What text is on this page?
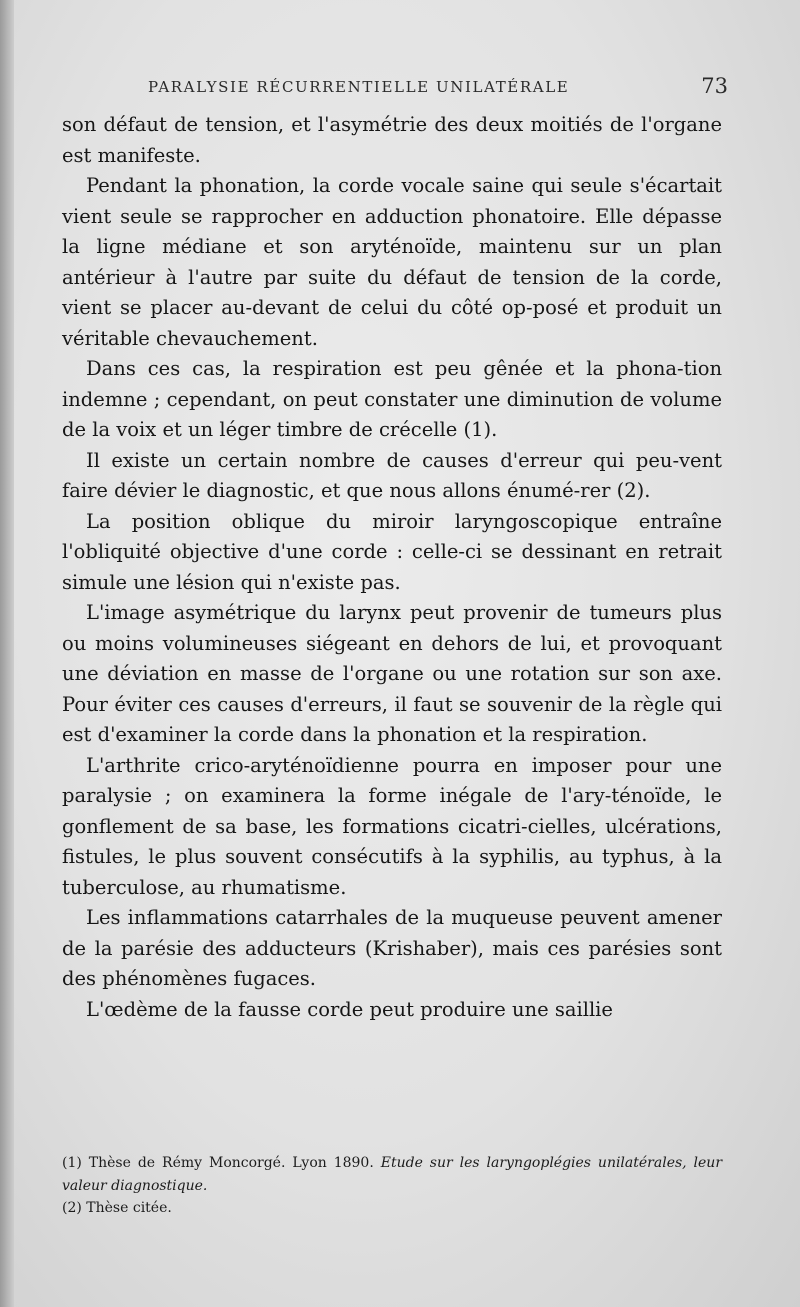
PARALYSIE RÉCURRENTIELLE UNILATÉRALE	73

son défaut de tension, et l'asymétrie des deux moitiés de l'organe est manifeste.

Pendant la phonation, la corde vocale saine qui seule s'écartait vient seule se rapprocher en adduction phonatoire. Elle dépasse la ligne médiane et son aryténoïde, maintenu sur un plan antérieur à l'autre par suite du défaut de tension de la corde, vient se placer au-devant de celui du côté op-posé et produit un véritable chevauchement.

Dans ces cas, la respiration est peu gênée et la phona-tion indemne ; cependant, on peut constater une diminution de volume de la voix et un léger timbre de crécelle (1).

Il existe un certain nombre de causes d'erreur qui peu-vent faire dévier le diagnostic, et que nous allons énumé-rer (2).

La position oblique du miroir laryngoscopique entraîne l'obliquité objective d'une corde : celle-ci se dessinant en retrait simule une lésion qui n'existe pas.

L'image asymétrique du larynx peut provenir de tumeurs plus ou moins volumineuses siégeant en dehors de lui, et provoquant une déviation en masse de l'organe ou une rotation sur son axe. Pour éviter ces causes d'erreurs, il faut se souvenir de la règle qui est d'examiner la corde dans la phonation et la respiration.

L'arthrite crico-aryténoïdienne pourra en imposer pour une paralysie ; on examinera la forme inégale de l'ary-ténoïde, le gonflement de sa base, les formations cicatri-cielles, ulcérations, fistules, le plus souvent consécutifs à la syphilis, au typhus, à la tuberculose, au rhumatisme.

Les inflammations catarrhales de la muqueuse peuvent amener de la parésie des adducteurs (Krishaber), mais ces parésies sont des phénomènes fugaces.

L'œdème de la fausse corde peut produire une saillie

(1) Thèse de Rémy Moncorgé. Lyon 1890. Etude sur les laryngoplégies unilatérales, leur valeur diagnostique.

(2) Thèse citée.
